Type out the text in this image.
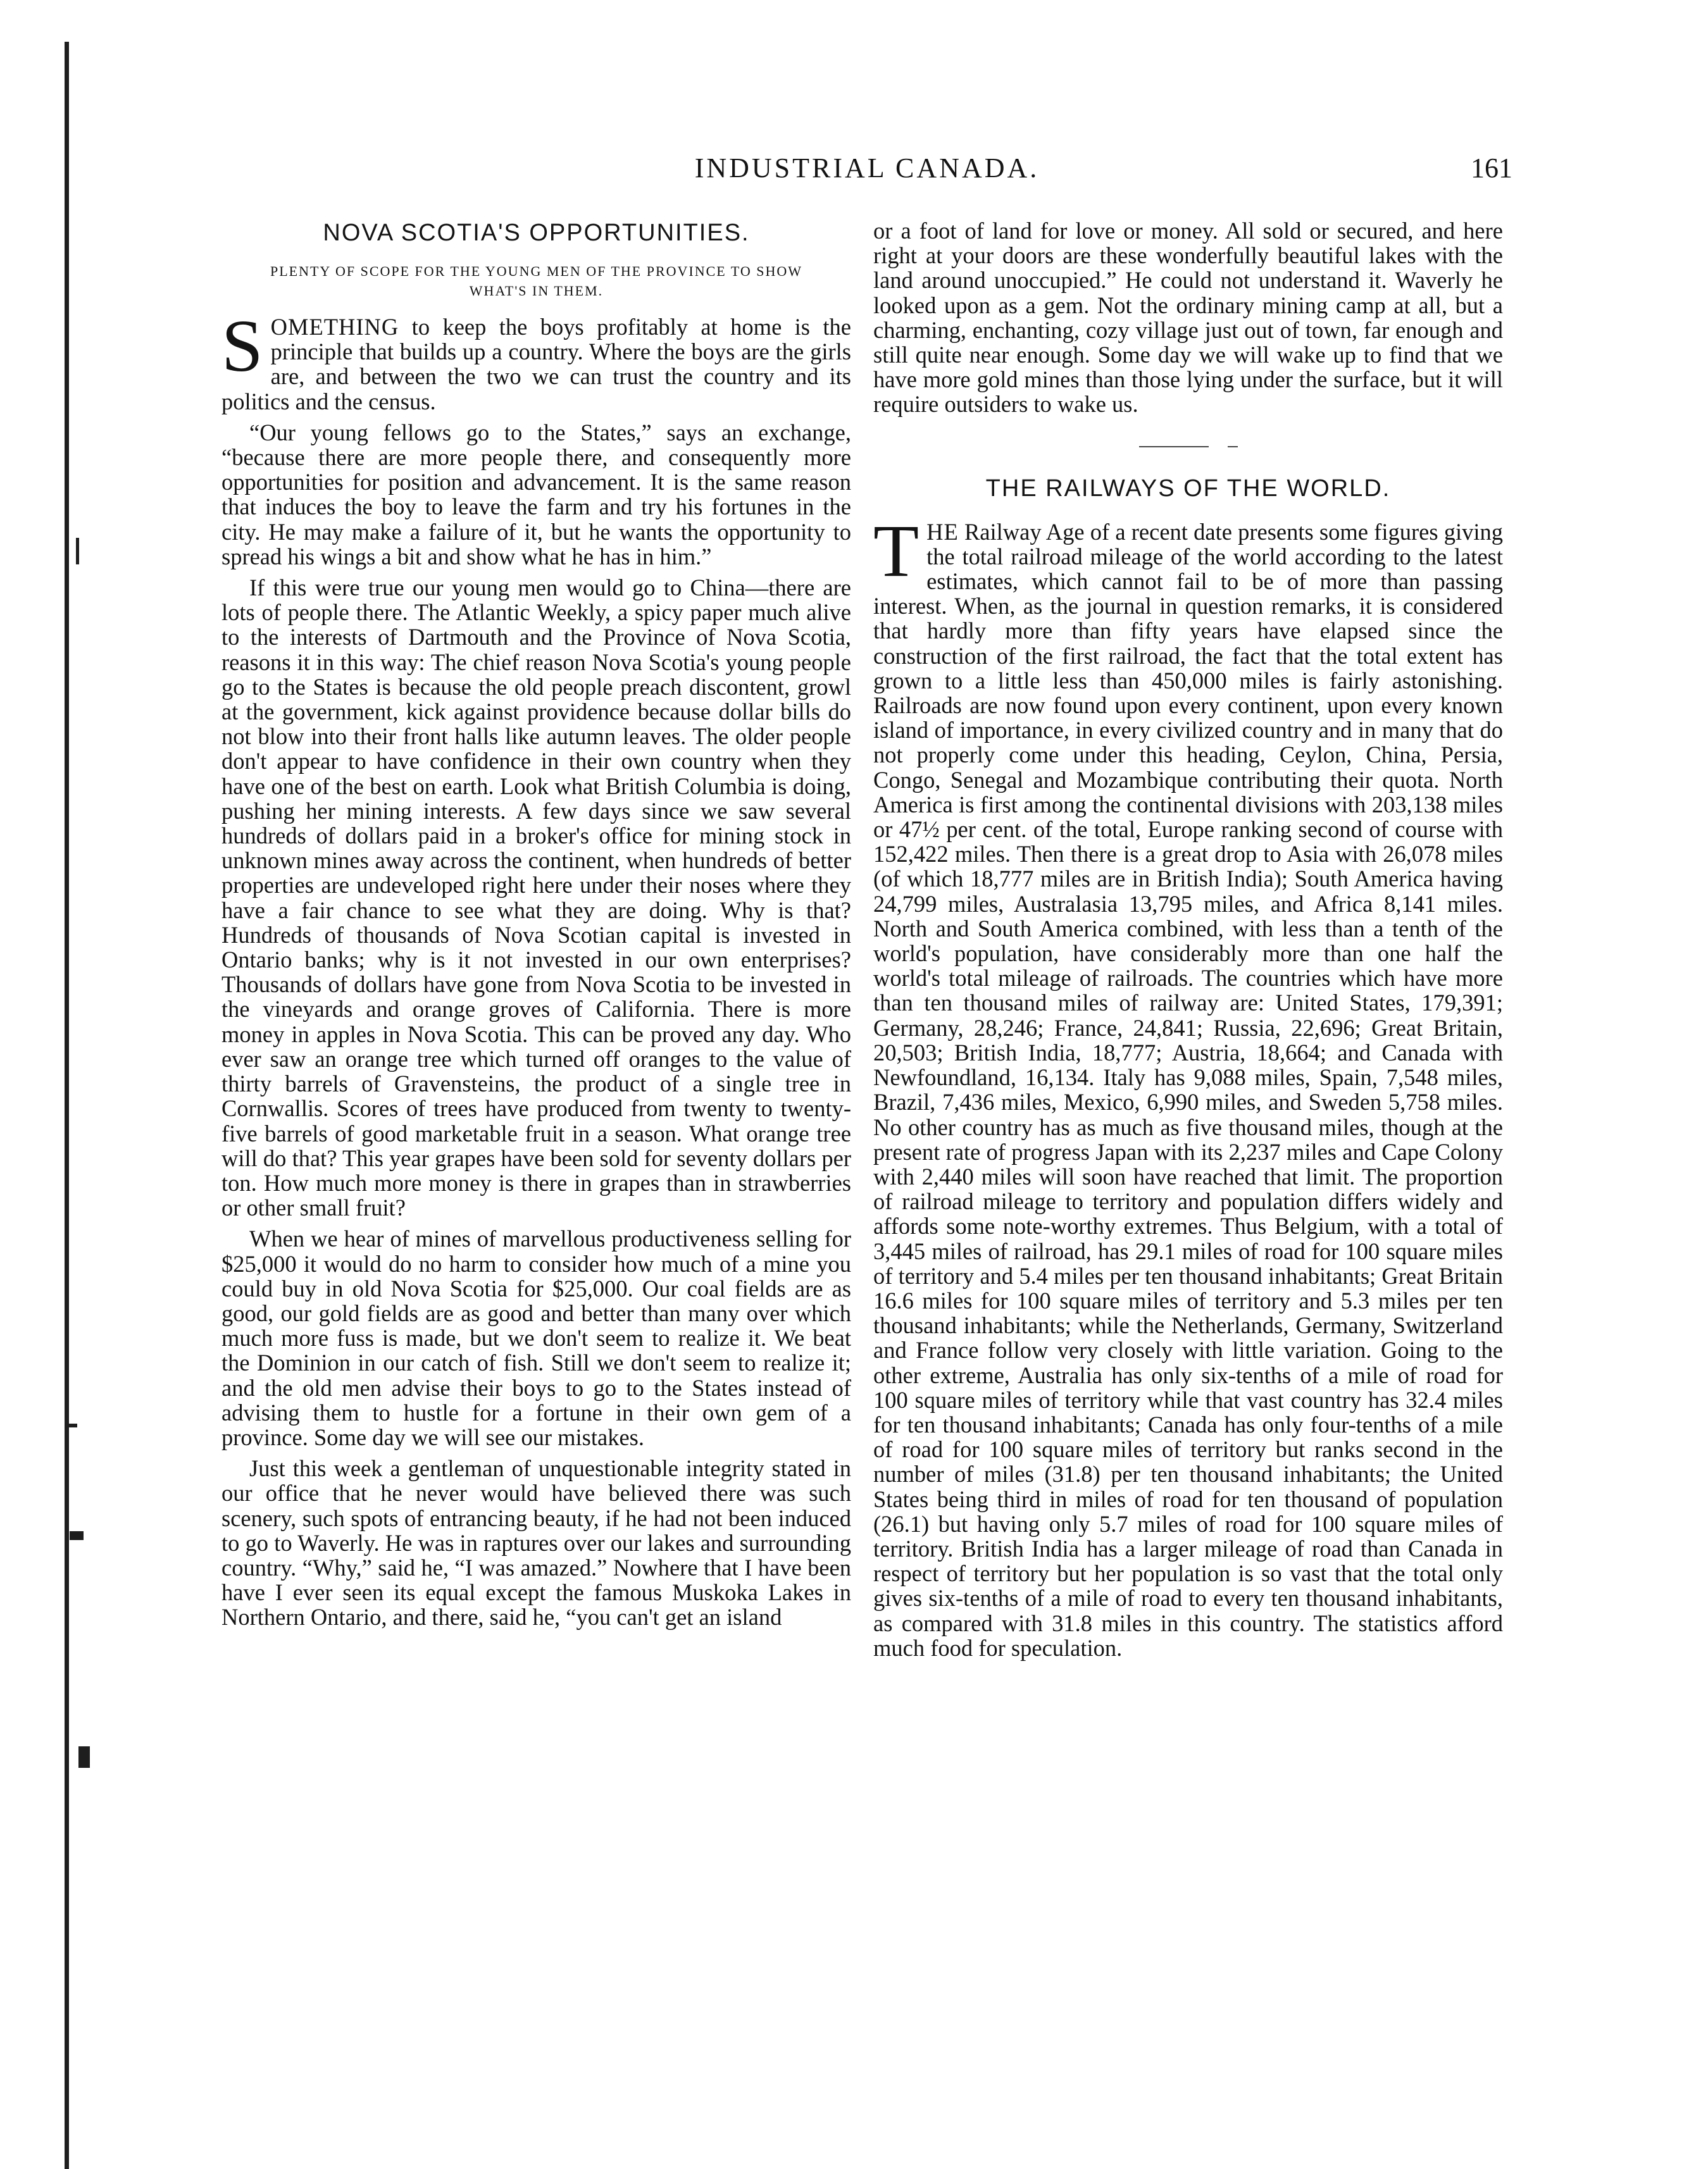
INDUSTRIAL CANADA.	161
NOVA SCOTIA'S OPPORTUNITIES.
PLENTY OF SCOPE FOR THE YOUNG MEN OF THE PROVINCE TO SHOW WHAT'S IN THEM.

SOMETHING to keep the boys profitably at home is the principle that builds up a country. Where the boys are the girls are, and between the two we can trust the country and its politics and the census.

“Our young fellows go to the States,” says an exchange, “because there are more people there, and consequently more opportunities for position and advancement. It is the same reason that induces the boy to leave the farm and try his fortunes in the city. He may make a failure of it, but he wants the opportunity to spread his wings a bit and show what he has in him.”

If this were true our young men would go to China—there are lots of people there. The Atlantic Weekly, a spicy paper much alive to the interests of Dartmouth and the Province of Nova Scotia, reasons it in this way: The chief reason Nova Scotia's young people go to the States is because the old people preach discontent, growl at the government, kick against providence because dollar bills do not blow into their front halls like autumn leaves. The older people don't appear to have confidence in their own country when they have one of the best on earth. Look what British Columbia is doing, pushing her mining interests. A few days since we saw several hundreds of dollars paid in a broker's office for mining stock in unknown mines away across the continent, when hundreds of better properties are undeveloped right here under their noses where they have a fair chance to see what they are doing. Why is that? Hundreds of thousands of Nova Scotian capital is invested in Ontario banks; why is it not invested in our own enterprises? Thousands of dollars have gone from Nova Scotia to be invested in the vineyards and orange groves of California. There is more money in apples in Nova Scotia. This can be proved any day. Who ever saw an orange tree which turned off oranges to the value of thirty barrels of Gravensteins, the product of a single tree in Cornwallis. Scores of trees have produced from twenty to twenty-five barrels of good marketable fruit in a season. What orange tree will do that? This year grapes have been sold for seventy dollars per ton. How much more money is there in grapes than in strawberries or other small fruit?

When we hear of mines of marvellous productiveness selling for $25,000 it would do no harm to consider how much of a mine you could buy in old Nova Scotia for $25,000. Our coal fields are as good, our gold fields are as good and better than many over which much more fuss is made, but we don't seem to realize it. We beat the Dominion in our catch of fish. Still we don't seem to realize it; and the old men advise their boys to go to the States instead of advising them to hustle for a fortune in their own gem of a province. Some day we will see our mistakes.

Just this week a gentleman of unquestionable integrity stated in our office that he never would have believed there was such scenery, such spots of entrancing beauty, if he had not been induced to go to Waverly. He was in raptures over our lakes and surrounding country. “Why,” said he, “I was amazed.” Nowhere that I have been have I ever seen its equal except the famous Muskoka Lakes in Northern Ontario, and there, said he, “you can't get an island

or a foot of land for love or money. All sold or secured, and here right at your doors are these wonderfully beautiful lakes with the land around unoccupied.” He could not understand it. Waverly he looked upon as a gem. Not the ordinary mining camp at all, but a charming, enchanting, cozy village just out of town, far enough and still quite near enough. Some day we will wake up to find that we have more gold mines than those lying under the surface, but it will require outsiders to wake us.

THE RAILWAYS OF THE WORLD.

THE Railway Age of a recent date presents some figures giving the total railroad mileage of the world according to the latest estimates, which cannot fail to be of more than passing interest. When, as the journal in question remarks, it is considered that hardly more than fifty years have elapsed since the construction of the first railroad, the fact that the total extent has grown to a little less than 450,000 miles is fairly astonishing. Railroads are now found upon every continent, upon every known island of importance, in every civilized country and in many that do not properly come under this heading, Ceylon, China, Persia, Congo, Senegal and Mozambique contributing their quota. North America is first among the continental divisions with 203,138 miles or 47½ per cent. of the total, Europe ranking second of course with 152,422 miles. Then there is a great drop to Asia with 26,078 miles (of which 18,777 miles are in British India); South America having 24,799 miles, Australasia 13,795 miles, and Africa 8,141 miles. North and South America combined, with less than a tenth of the world's population, have considerably more than one half the world's total mileage of railroads. The countries which have more than ten thousand miles of railway are: United States, 179,391; Germany, 28,246; France, 24,841; Russia, 22,696; Great Britain, 20,503; British India, 18,777; Austria, 18,664; and Canada with Newfoundland, 16,134. Italy has 9,088 miles, Spain, 7,548 miles, Brazil, 7,436 miles, Mexico, 6,990 miles, and Sweden 5,758 miles. No other country has as much as five thousand miles, though at the present rate of progress Japan with its 2,237 miles and Cape Colony with 2,440 miles will soon have reached that limit. The proportion of railroad mileage to territory and population differs widely and affords some note-worthy extremes. Thus Belgium, with a total of 3,445 miles of railroad, has 29.1 miles of road for 100 square miles of territory and 5.4 miles per ten thousand inhabitants; Great Britain 16.6 miles for 100 square miles of territory and 5.3 miles per ten thousand inhabitants; while the Netherlands, Germany, Switzerland and France follow very closely with little variation. Going to the other extreme, Australia has only six-tenths of a mile of road for 100 square miles of territory while that vast country has 32.4 miles for ten thousand inhabitants; Canada has only four-tenths of a mile of road for 100 square miles of territory but ranks second in the number of miles (31.8) per ten thousand inhabitants; the United States being third in miles of road for ten thousand of population (26.1) but having only 5.7 miles of road for 100 square miles of territory. British India has a larger mileage of road than Canada in respect of territory but her population is so vast that the total only gives six-tenths of a mile of road to every ten thousand inhabitants, as compared with 31.8 miles in this country. The statistics afford much food for speculation.
